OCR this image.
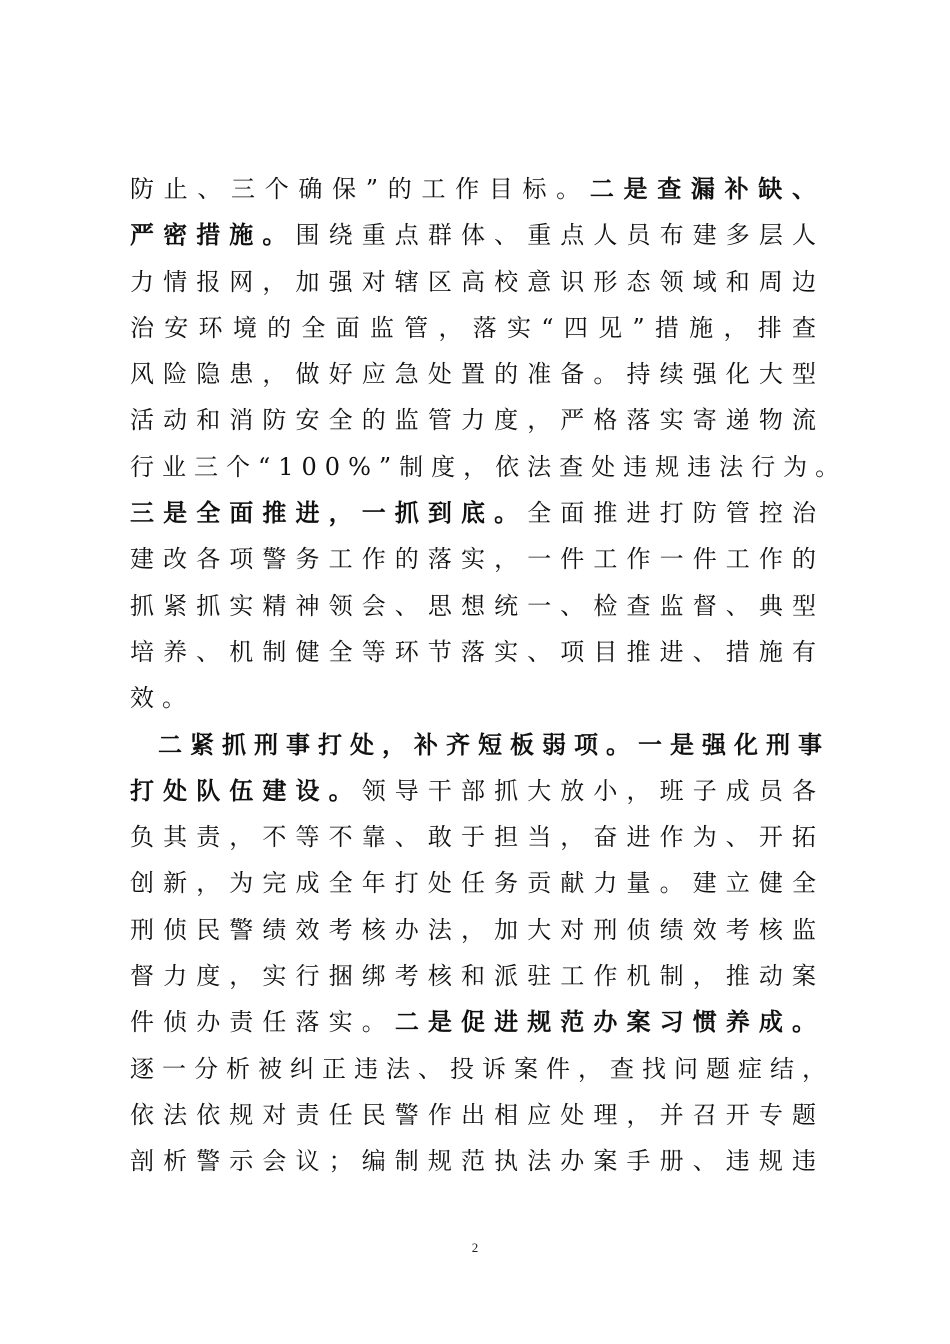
防止、三个确保”的工作目标。二是查漏补缺、
严密措施。围绕重点群体、重点人员布建多层人
力情报网，加强对辖区高校意识形态领域和周边
治安环境的全面监管，落实“四见”措施，排查
风险隐患，做好应急处置的准备。持续强化大型
活动和消防安全的监管力度，严格落实寄递物流
行业三个“100%”制度，依法查处违规违法行为。
三是全面推进，一抓到底。全面推进打防管控治
建改各项警务工作的落实，一件工作一件工作的
抓紧抓实精神领会、思想统一、检查监督、典型
培养、机制健全等环节落实、项目推进、措施有
效。
二紧抓刑事打处，补齐短板弱项。一是强化刑事
打处队伍建设。领导干部抓大放小，班子成员各
负其责，不等不靠、敢于担当，奋进作为、开拓
创新，为完成全年打处任务贡献力量。建立健全
刑侦民警绩效考核办法，加大对刑侦绩效考核监
督力度，实行捆绑考核和派驻工作机制，推动案
件侦办责任落实。二是促进规范办案习惯养成。
逐一分析被纠正违法、投诉案件，查找问题症结，
依法依规对责任民警作出相应处理，并召开专题
剖析警示会议；编制规范执法办案手册、违规违
2
